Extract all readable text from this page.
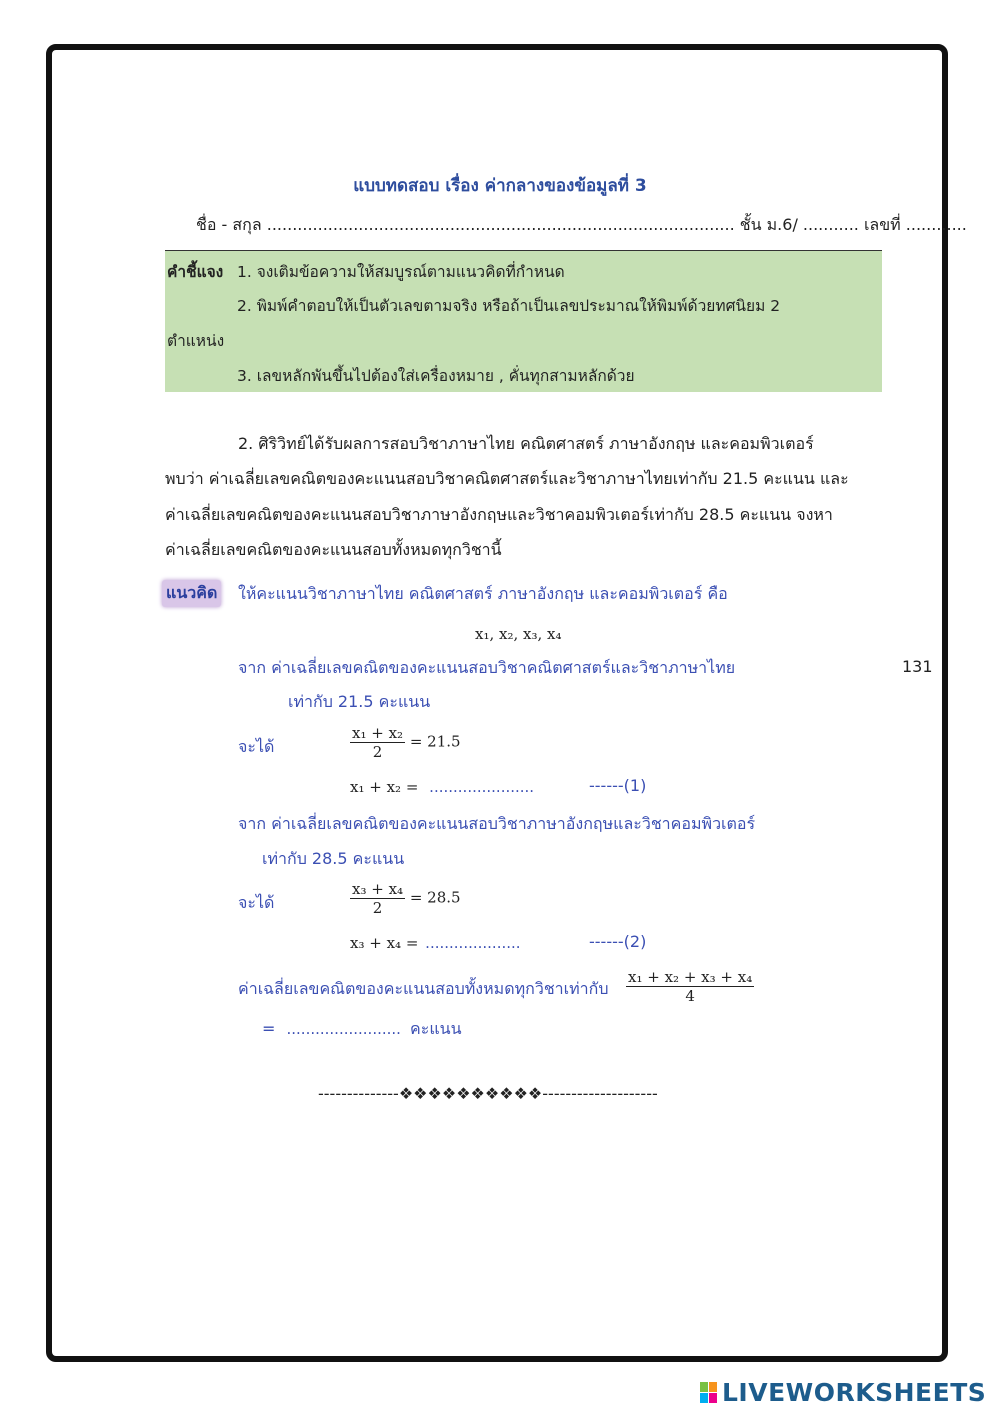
แบบทดสอบ เรื่อง ค่ากลางของข้อมูลที่ 3
ชื่อ - สกุล ............................................................................................ ชั้น ม.6/ ........... เลขที่ ............
คำชี้แจง 1. จงเติมข้อความให้สมบูรณ์ตามแนวคิดที่กำหนด
2. พิมพ์คำตอบให้เป็นตัวเลขตามจริง หรือถ้าเป็นเลขประมาณให้พิมพ์ด้วยทศนิยม 2
ตำแหน่ง
3. เลขหลักพันขึ้นไปต้องใส่เครื่องหมาย , คั่นทุกสามหลักด้วย
2. ศิริวิทย์ได้รับผลการสอบวิชาภาษาไทย คณิตศาสตร์ ภาษาอังกฤษ และคอมพิวเตอร์
พบว่า ค่าเฉลี่ยเลขคณิตของคะแนนสอบวิชาคณิตศาสตร์และวิชาภาษาไทยเท่ากับ 21.5 คะแนน และ
ค่าเฉลี่ยเลขคณิตของคะแนนสอบวิชาภาษาอังกฤษและวิชาคอมพิวเตอร์เท่ากับ 28.5 คะแนน จงหา
ค่าเฉลี่ยเลขคณิตของคะแนนสอบทั้งหมดทุกวิชานี้
แนวคิด ให้คะแนนวิชาภาษาไทย คณิตศาสตร์ ภาษาอังกฤษ และคอมพิวเตอร์ คือ
x₁, x₂, x₃, x₄
จาก ค่าเฉลี่ยเลขคณิตของคะแนนสอบวิชาคณิตศาสตร์และวิชาภาษาไทย
เท่ากับ 21.5 คะแนน
จะได้	$\frac{\text{x₁ + x₂}}{2} = 21.5$
x₁ + x₂ = ......................	------(1)
จาก ค่าเฉลี่ยเลขคณิตของคะแนนสอบวิชาภาษาอังกฤษและวิชาคอมพิวเตอร์
เท่ากับ 28.5 คะแนน
จะได้	$\frac{\text{x₃ + x₄}}{2} = 28.5$
x₃ + x₄ = ....................	------(2)
ค่าเฉลี่ยเลขคณิตของคะแนนสอบทั้งหมดทุกวิชาเท่ากับ $\frac{\text{x₁ + x₂ + x₃ + x₄}}{4}$
= ........................ คะแนน
131
--------------❖❖❖❖❖❖❖❖❖❖--------------------
LIVEWORKSHEETS
